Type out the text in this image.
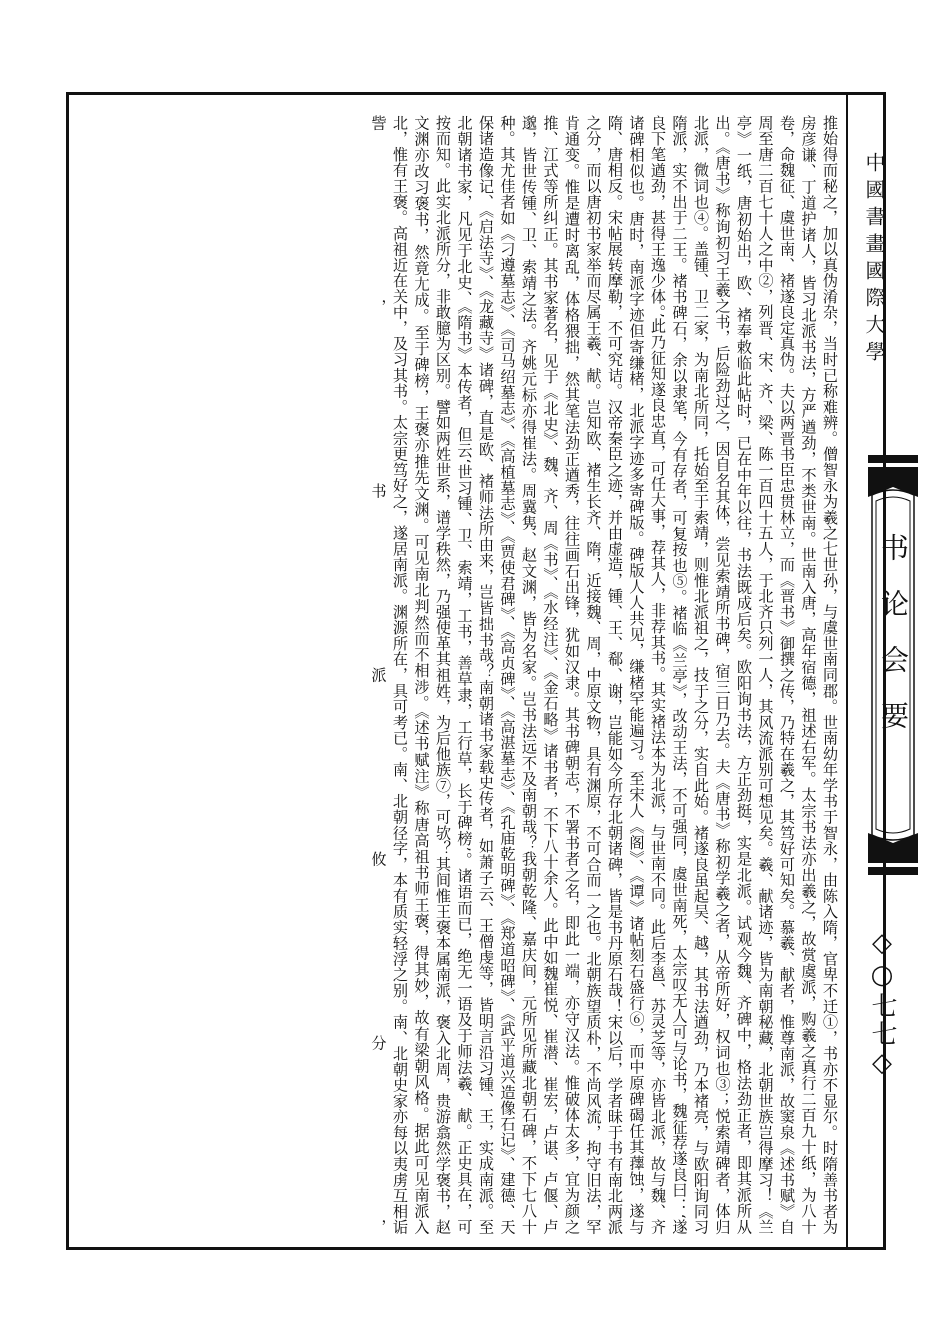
推始得而秘之，加以真伪淆杂，当时已称难辨。僧智永为羲之七世孙，与虞世南同郡。世南幼年学书于智永，由陈入隋，官卑不迁①，书亦不显尔。时隋善书者为房彦谦、丁道护诸人，皆习北派书法，方严遒劲，不类世南。世南入唐，高年宿德，祖述右军。太宗书法亦出羲之，故赏虞派，购羲之真行二百九十纸，为八十卷，命魏征、虞世南、褚遂良定真伪。夫以两晋书臣忠贯林立，而《晋书》御撰之传，乃特在羲之，其笃好可知矣。慕羲、献者，惟尊南派，故窦泉《述书赋》自周至唐二百七十人之中②，列晋、宋、齐、梁、陈一百四十五人，于北齐只列一人，其风流派别可想见矣。羲、献诸迹，皆为南朝秘藏，北朝世族岂得摩习！《兰亭》一纸，唐初始出，欧、褚奉敕临此帖时，已在中年以往，书法既成后矣。欧阳询书法，方正劲挺，实是北派。试观今魏、齐碑中，格法劲正者，即其派所从出。《唐书》称询初习王羲之书，后险劲过之，因自名其体，尝见索靖所书碑，宿三日乃去。夫《唐书》称初学羲之者，从帝所好，权词也③；悦索靖碑者，体归北派，微词也④。盖锺、卫二家，为南北所同，托始至于索靖，则惟北派祖之，技于之分，实自此始。褚遂良虽起吴、越，其书法遒劲，乃本褚亮，与欧阳询同习隋派，实不出于二王。褚书碑石，余以隶笔，今有存者，可复按也⑤。褚临《兰亭》，改动王法，不可强同，虞世南死，太宗叹无人可与论书，魏征荐遂良曰：‘遂良下笔遒劲，甚得王逸少体。’此乃征知遂良忠直，可任大事，荐其人，非荐其书。其实褚法本为北派，与世南不同。此后李邕、苏灵芝等，亦皆北派，故与魏、齐诸碑相似也。唐时，南派字迹但寄缣楮，北派字迹多寄碑版。碑版人人共见，缣楮罕能遍习。至宋人《阁》、《谭》诸帖刻石盛行⑥，而中原碑碣任其蘀蚀，遂与隋、唐相反。宋帖展转摩勒，不可究诘。汉帝秦臣之迹，并由虚造，锺、王、郗、谢，岂能如今所存北朝诸碑，皆是书丹原石哉！宋以后，学者昧于书有南北两派之分，而以唐初书家举而尽属王羲、献。岂知欧、褚生长齐、隋，近接魏、周，中原文物，具有渊原，不可合而一之也。北朝族望质朴，不尚风流，拘守旧法，罕肯通变。惟是遭时离乱，体格猥拙，然其笔法劲正遒秀，往往画石出锋，犹如汉隶。其书碑朝志，不署书者之名，即此一端，亦守汉法。惟破体太多，宜为颜之推、江式等所纠正。其书家著名，见于《北史》、魏、齐、周《书》、《水经注》、《金石略》诸书者，不下八十余人。此中如魏崔悦、崔潜、崔宏，卢谌、卢偃、卢邈，皆世传锺、卫、索靖之法。齐姚元标亦得崔法。周冀隽、赵文渊，皆为名家。岂书法远不及南朝哉？我朝乾隆、嘉庆间，元所见所藏北朝石碑，不下七八十种。其尤佳者如《刁遵墓志》、《司马绍墓志》、《高植墓志》、《贾使君碑》、《高贞碑》、《高湛墓志》、《孔庙乾明碑》、《郑道昭碑》、《武平道兴造像石记》、建德、天保诸造像记、《启法寺》、《龙藏寺》诸碑，直是欧、褚师法所由来，岂皆拙书哉？南朝诸书家载史传者，如萧子云、王僧虔等，皆明言沿习锺、王，实成南派。至北朝诸书家，凡见于北史、《隋书》本传者，但云‘世习锺、卫、索靖，工书，善草隶，工行草，长于碑榜’。诸语而已，绝无一语及于师法羲、献。正史具在，可按而知。此实北派所分，非敢臆为区别。譬如两姓世系，谱学秩然，乃强使革其祖姓，为后他族⑦，可欤？其间惟王褒本属南派，褒入北周，贵游翕然学褒书，赵文渊亦改习褒书，然竟尢成。至于碑榜，王褒亦推先文渊。可见南北判然而不相涉。《述书赋注》称唐高祖书师王褒，得其妙，故有梁朝风格。据此可见南派入北，惟有王褒。高祖近在关中，及习其书。太宗更笃好之，遂居南派。渊源所在，具可考已。南、北朝径字，本有质实轻浮之别。南、北朝史家亦每以夷虏互相诟訾，书派攸分，	中國書畫國際大學
书论会要
◇○七七◇
